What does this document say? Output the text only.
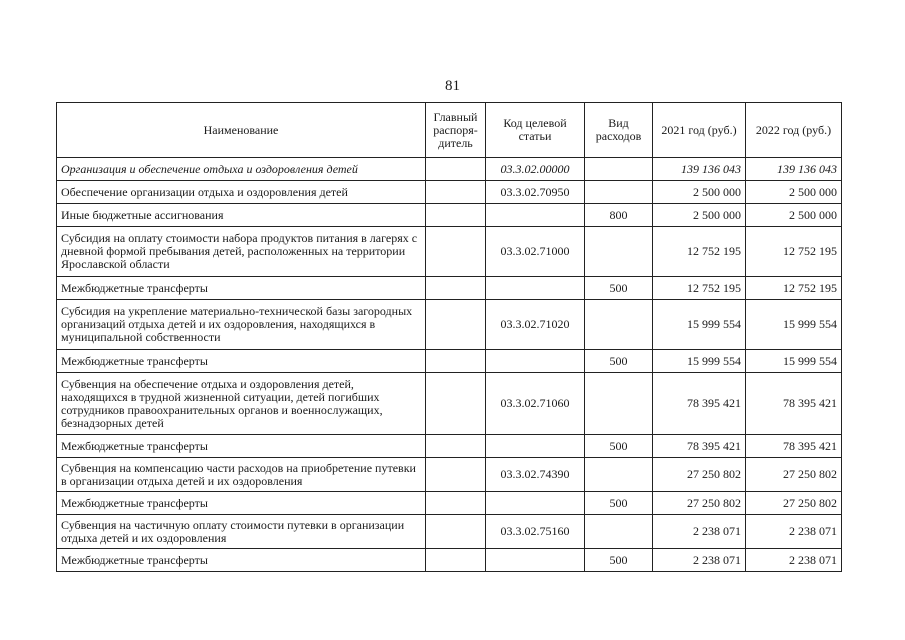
81
Наименование	Главный распоря-дитель	Код целевой статьи	Вид расходов	2021 год (руб.)	2022 год (руб.)
Организация и обеспечение отдыха и оздоровления детей		03.3.02.00000		139 136 043	139 136 043
Обеспечение организации отдыха и оздоровления детей		03.3.02.70950		2 500 000	2 500 000
Иные бюджетные ассигнования			800	2 500 000	2 500 000
Субсидия на оплату стоимости набора продуктов питания в лагерях с дневной формой пребывания детей, расположенных на территории Ярославской области		03.3.02.71000		12 752 195	12 752 195
Межбюджетные трансферты			500	12 752 195	12 752 195
Субсидия на укрепление материально-технической базы загородных организаций отдыха детей и их оздоровления, находящихся в муниципальной собственности		03.3.02.71020		15 999 554	15 999 554
Межбюджетные трансферты			500	15 999 554	15 999 554
Субвенция на обеспечение отдыха и оздоровления детей, находящихся в трудной жизненной ситуации, детей погибших сотрудников правоохранительных органов и военнослужащих, безнадзорных детей		03.3.02.71060		78 395 421	78 395 421
Межбюджетные трансферты			500	78 395 421	78 395 421
Субвенция на компенсацию части расходов на приобретение путевки в организации отдыха детей и их оздоровления		03.3.02.74390		27 250 802	27 250 802
Межбюджетные трансферты			500	27 250 802	27 250 802
Субвенция на частичную оплату стоимости путевки в организации отдыха детей и их оздоровления		03.3.02.75160		2 238 071	2 238 071
Межбюджетные трансферты			500	2 238 071	2 238 071
